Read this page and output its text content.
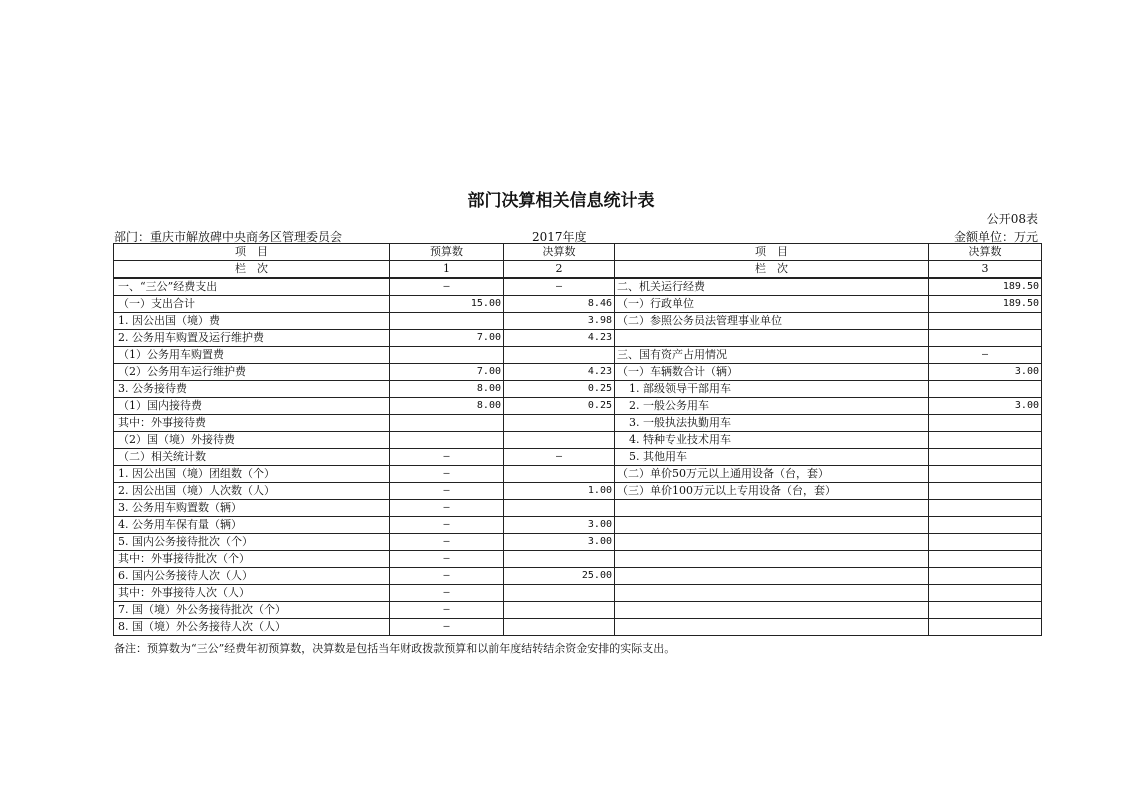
部门决算相关信息统计表
公开08表
部门：重庆市解放碑中央商务区管理委员会	2017年度	金额单位：万元
项　目	预算数	决算数	项　目	决算数
栏　次	1	2	栏　次	3
一、“三公”经费支出	—	—	二、机关运行经费	189.50
（一）支出合计	15.00	8.46	（一）行政单位	189.50
1. 因公出国（境）费		3.98	（二）参照公务员法管理事业单位	
2. 公务用车购置及运行维护费	7.00	4.23		
（1）公务用车购置费			三、国有资产占用情况	—
（2）公务用车运行维护费	7.00	4.23	（一）车辆数合计（辆）	3.00
3. 公务接待费	8.00	0.25	1. 部级领导干部用车	
（1）国内接待费	8.00	0.25	2. 一般公务用车	3.00
其中：外事接待费			3. 一般执法执勤用车	
（2）国（境）外接待费			4. 特种专业技术用车	
（二）相关统计数	—	—	5. 其他用车	
1. 因公出国（境）团组数（个）	—		（二）单价50万元以上通用设备（台，套）	
2. 因公出国（境）人次数（人）	—	1.00	（三）单价100万元以上专用设备（台，套）	
3. 公务用车购置数（辆）	—			
4. 公务用车保有量（辆）	—	3.00		
5. 国内公务接待批次（个）	—	3.00		
其中：外事接待批次（个）	—			
6. 国内公务接待人次（人）	—	25.00		
其中：外事接待人次（人）	—			
7. 国（境）外公务接待批次（个）	—			
8. 国（境）外公务接待人次（人）	—			
备注：预算数为“三公”经费年初预算数，决算数是包括当年财政拨款预算和以前年度结转结余资金安排的实际支出。
